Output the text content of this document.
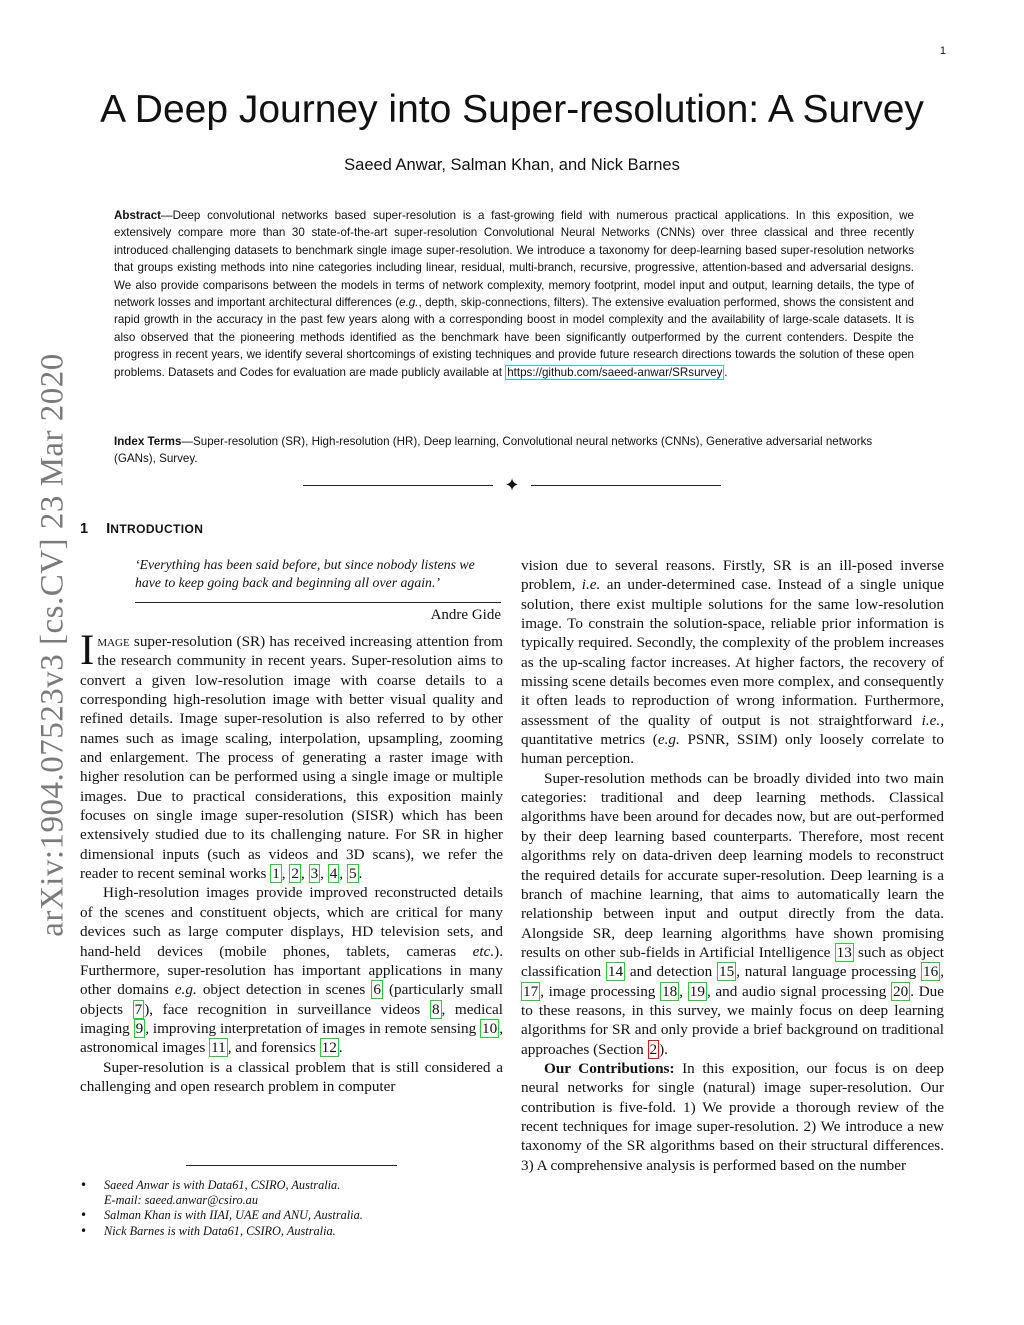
1
arXiv:1904.07523v3 [cs.CV] 23 Mar 2020
A Deep Journey into Super-resolution: A Survey
Saeed Anwar, Salman Khan, and Nick Barnes
Abstract—Deep convolutional networks based super-resolution is a fast-growing field with numerous practical applications. In this exposition, we extensively compare more than 30 state-of-the-art super-resolution Convolutional Neural Networks (CNNs) over three classical and three recently introduced challenging datasets to benchmark single image super-resolution. We introduce a taxonomy for deep-learning based super-resolution networks that groups existing methods into nine categories including linear, residual, multi-branch, recursive, progressive, attention-based and adversarial designs. We also provide comparisons between the models in terms of network complexity, memory footprint, model input and output, learning details, the type of network losses and important architectural differences (e.g., depth, skip-connections, filters). The extensive evaluation performed, shows the consistent and rapid growth in the accuracy in the past few years along with a corresponding boost in model complexity and the availability of large-scale datasets. It is also observed that the pioneering methods identified as the benchmark have been significantly outperformed by the current contenders. Despite the progress in recent years, we identify several shortcomings of existing techniques and provide future research directions towards the solution of these open problems. Datasets and Codes for evaluation are made publicly available at https://github.com/saeed-anwar/SRsurvey .
Index Terms—Super-resolution (SR), High-resolution (HR), Deep learning, Convolutional neural networks (CNNs), Generative adversarial networks (GANs), Survey.
✦
1 INTRODUCTION
‘Everything has been said before, but since nobody listens we have to keep going back and beginning all over again.’
Andre Gide

Image super-resolution (SR) has received increasing attention from the research community in recent years. Super-resolution aims to convert a given low-resolution image with coarse details to a corresponding high-resolution image with better visual quality and refined details. Image super-resolution is also referred to by other names such as image scaling, interpolation, upsampling, zooming and enlargement. The process of generating a raster image with higher resolution can be performed using a single image or multiple images. Due to practical considerations, this exposition mainly focuses on single image super-resolution (SISR) which has been extensively studied due to its challenging nature. For SR in higher dimensional inputs (such as videos and 3D scans), we refer the reader to recent seminal works 1 , 2 , 3 , 4 , 5 .

High-resolution images provide improved reconstructed details of the scenes and constituent objects, which are critical for many devices such as large computer displays, HD television sets, and hand-held devices (mobile phones, tablets, cameras etc.). Furthermore, super-resolution has important applications in many other domains e.g. object detection in scenes 6 (particularly small objects 7 ), face recognition in surveillance videos 8 , medical imaging 9 , improving interpretation of images in remote sensing 10 , astronomical images 11 , and forensics 12 .

Super-resolution is a classical problem that is still considered a challenging and open research problem in computer

vision due to several reasons. Firstly, SR is an ill-posed inverse problem, i.e. an under-determined case. Instead of a single unique solution, there exist multiple solutions for the same low-resolution image. To constrain the solution-space, reliable prior information is typically required. Secondly, the complexity of the problem increases as the up-scaling factor increases. At higher factors, the recovery of missing scene details becomes even more complex, and consequently it often leads to reproduction of wrong information. Furthermore, assessment of the quality of output is not straightforward i.e., quantitative metrics (e.g. PSNR, SSIM) only loosely correlate to human perception.

Super-resolution methods can be broadly divided into two main categories: traditional and deep learning methods. Classical algorithms have been around for decades now, but are out-performed by their deep learning based counterparts. Therefore, most recent algorithms rely on data-driven deep learning models to reconstruct the required details for accurate super-resolution. Deep learning is a branch of machine learning, that aims to automatically learn the relationship between input and output directly from the data. Alongside SR, deep learning algorithms have shown promising results on other sub-fields in Artificial Intelligence 13 such as object classification 14 and detection 15 , natural language processing 16 , 17 , image processing 18 , 19 , and audio signal processing 20 . Due to these reasons, in this survey, we mainly focus on deep learning algorithms for SR and only provide a brief background on traditional approaches (Section 2 ).

Our Contributions: In this exposition, our focus is on deep neural networks for single (natural) image super-resolution. Our contribution is five-fold. 1) We provide a thorough review of the recent techniques for image super-resolution. 2) We introduce a new taxonomy of the SR algorithms based on their structural differences. 3) A comprehensive analysis is performed based on the number

• Saeed Anwar is with Data61, CSIRO, Australia.
E-mail: saeed.anwar@csiro.au
• Salman Khan is with IIAI, UAE and ANU, Australia.
• Nick Barnes is with Data61, CSIRO, Australia.
